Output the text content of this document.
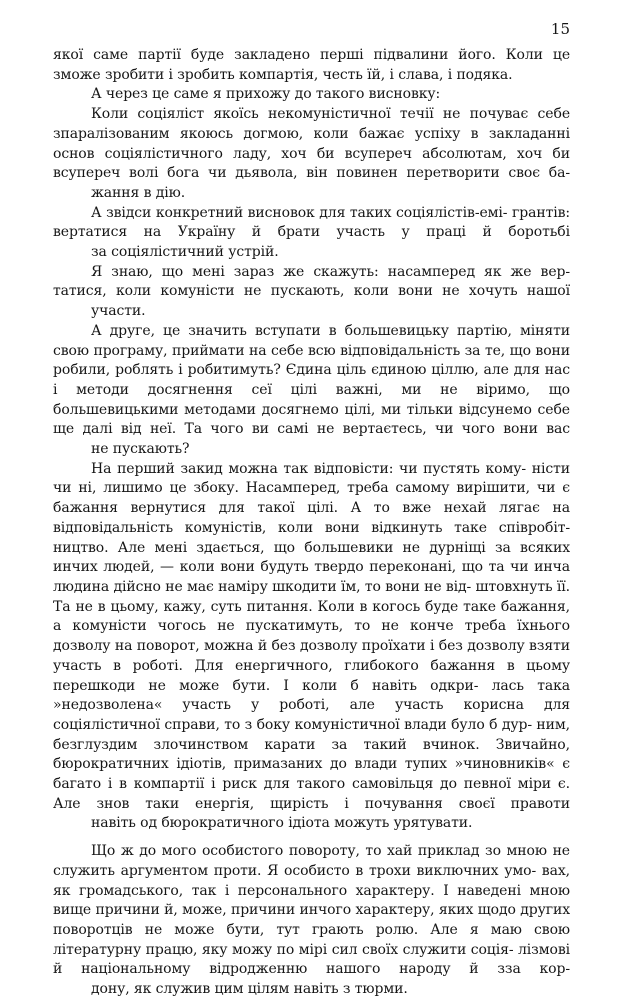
15

якої саме партії буде закладено перші підвалини його. Коли це
зможе зробити і зробить компартія, честь їй, і слава, і подяка.

А через це саме я прихожу до такого висновку:

Коли соціяліст якоїсь некомуністичної течії не почуває себе зпаралізованим якоюсь догмою, коли бажає успіху в закладанні основ соціялістичного ладу, хоч би всупереч абсолютам, хоч би всупереч волі бога чи дьявола, він повинен перетворити своє ба-
жання в дію.

А звідси конкретний висновок для таких соціялістів-емі- грантів: вертатися на Україну й брати участь у праці й боротьбі
за соціялістичний устрій.

Я знаю, що мені зараз же скажуть: насамперед як же вер- татися, коли комуністи не пускають, коли вони не хочуть нашої
участи.

А друге, це значить вступати в большевицьку партію, міняти свою програму, приймати на себе всю відповідальність за те, що вони робили, роблять і робитимуть? Єдина ціль єдиною ціллю, але для нас і методи досягнення сеї цілі важні, ми не віримо, що большевицькими методами досягнемо цілі, ми тільки відсунемо себе ще далі від неї. Та чого ви самі не вертаєтесь, чи чого вони вас
не пускають?

На перший закид можна так відповісти: чи пустять кому- ністи чи ні, лишимо це збоку. Насамперед, треба самому вирішити, чи є бажання вернутися для такої цілі. А то вже нехай лягає на відповідальність комуністів, коли вони відкинуть таке співробіт- ництво. Але мені здається, що большевики не дурніщі за всяких инчих людей, — коли вони будуть твердо переконані, що та чи инча людина дійсно не має наміру шкодити їм, то вони не від- штовхнуть її. Та не в цьому, кажу, суть питання. Коли в когось буде таке бажання, а комуністи чогось не пускатимуть, то не конче треба їхнього дозволу на поворот, можна й без дозволу проїхати і без дозволу взяти участь в роботі. Для енергичного, глибокого бажання в цьому перешкоди не може бути. І коли б навіть одкри- лась така »недозволена« участь у роботі, але участь корисна для соціялістичної справи, то з боку комуністичної влади було б дур- ним, безглуздим злочинством карати за такий вчинок. Звичайно, бюрократичних ідіотів, примазаних до влади тупих »чиновників« є багато і в компартії і риск для такого самовільця до певної міри є. Але знов таки енергія, щирість і почування своєї правоти
навіть од бюрократичного ідіота можуть урятувати.

Що ж до мого особистого повороту, то хай приклад зо мною не служить аргументом проти. Я особисто в трохи виключних умо- вах, як громадського, так і персонального характеру. І наведені мною вище причини й, може, причини инчого характеру, яких щодо других поворотців не може бути, тут грають ролю. Але я маю свою літературну працю, яку можу по мірі сил своїх служити соція- лізмові й національному відродженню нашого народу й зза кор-
дону, як служив цим цілям навіть з тюрми.
